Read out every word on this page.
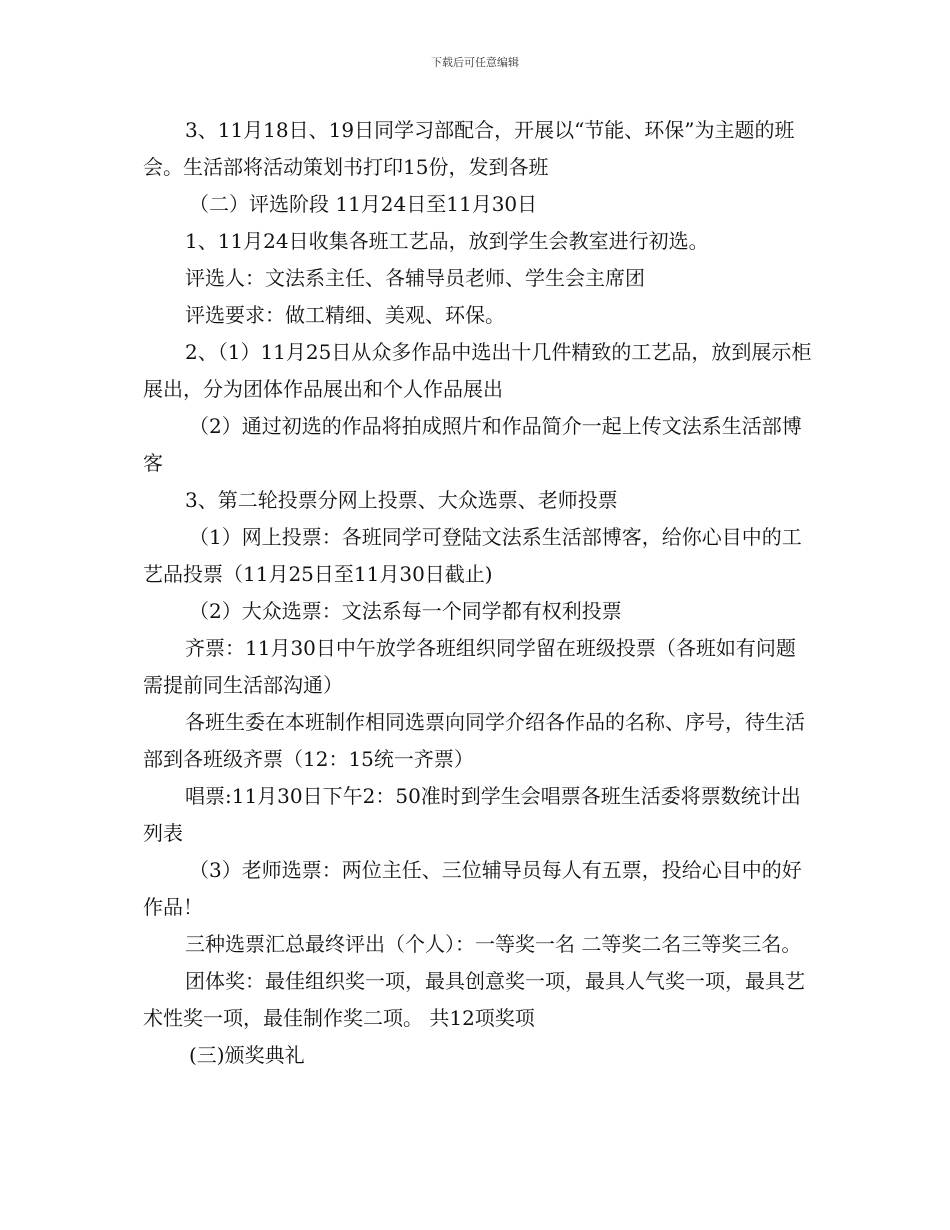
下载后可任意编辑

3、11月18日、19日同学习部配合，开展以“节能、环保”为主题的班会。生活部将活动策划书打印15份，发到各班

（二）评选阶段 11月24日至11月30日

1、11月24日收集各班工艺品，放到学生会教室进行初选。

评选人：文法系主任、各辅导员老师、学生会主席团

评选要求：做工精细、美观、环保。

2、（1）11月25日从众多作品中选出十几件精致的工艺品，放到展示柜展出，分为团体作品展出和个人作品展出

（2）通过初选的作品将拍成照片和作品简介一起上传文法系生活部博客

3、第二轮投票分网上投票、大众选票、老师投票

（1）网上投票：各班同学可登陆文法系生活部博客，给你心目中的工艺品投票（11月25日至11月30日截止)

（2）大众选票：文法系每一个同学都有权利投票

齐票：11月30日中午放学各班组织同学留在班级投票（各班如有问题需提前同生活部沟通）

各班生委在本班制作相同选票向同学介绍各作品的名称、序号，待生活部到各班级齐票（12：15统一齐票）

唱票:11月30日下午2：50准时到学生会唱票各班生活委将票数统计出列表

（3）老师选票：两位主任、三位辅导员每人有五票，投给心目中的好作品！

三种选票汇总最终评出（个人）：一等奖一名 二等奖二名三等奖三名。

团体奖：最佳组织奖一项，最具创意奖一项，最具人气奖一项，最具艺术性奖一项，最佳制作奖二项。 共12项奖项

(三)颁奖典礼
